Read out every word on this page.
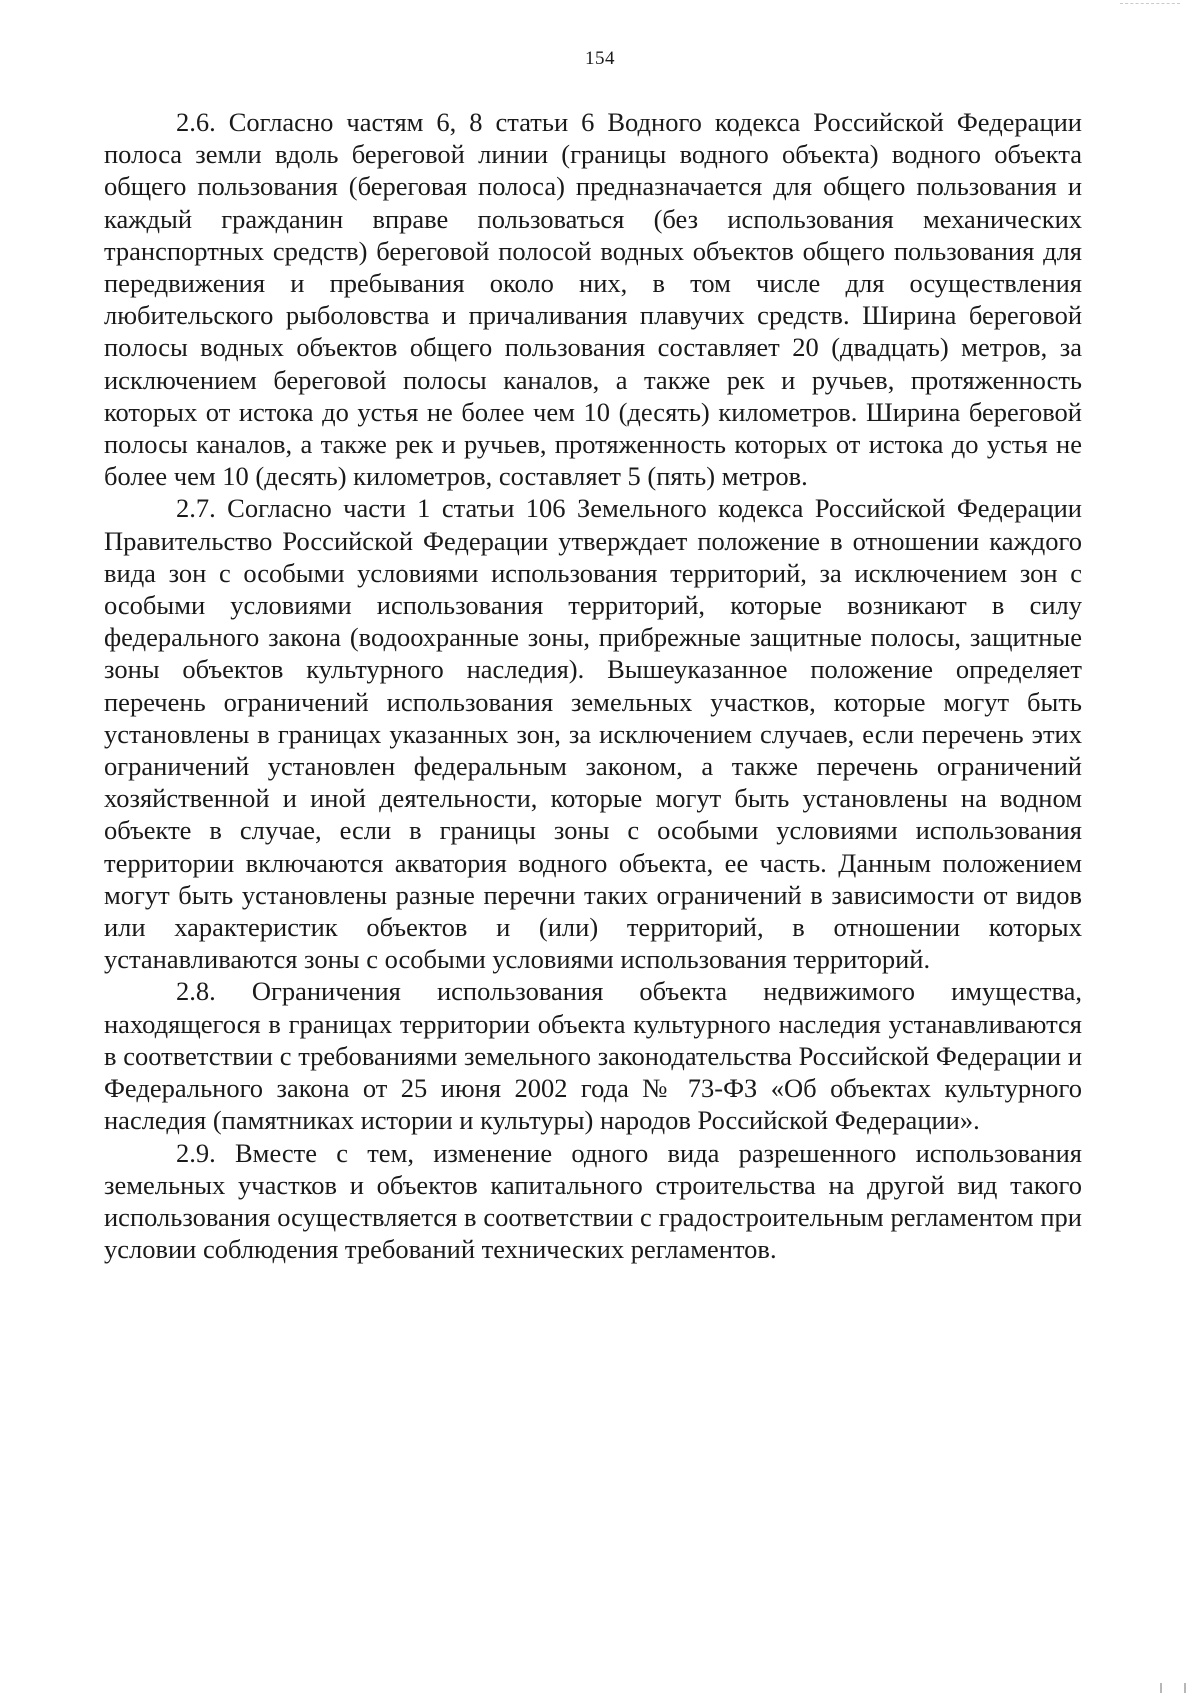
154

2.6. Согласно частям 6, 8 статьи 6 Водного кодекса Российской Федерации полоса земли вдоль береговой линии (границы водного объекта) водного объекта общего пользования (береговая полоса) предназначается для общего пользования и каждый гражданин вправе пользоваться (без использования механических транспортных средств) береговой полосой водных объектов общего пользования для передвижения и пребывания около них, в том числе для осуществления любительского рыболовства и причаливания плавучих средств. Ширина береговой полосы водных объектов общего пользования составляет 20 (двадцать) метров, за исключением береговой полосы каналов, а также рек и ручьев, протяженность которых от истока до устья не более чем 10 (десять) километров. Ширина береговой полосы каналов, а также рек и ручьев, протяженность которых от истока до устья не более чем 10 (десять) километров, составляет 5 (пять) метров.

2.7. Согласно части 1 статьи 106 Земельного кодекса Российской Федерации Правительство Российской Федерации утверждает положение в отношении каждого вида зон с особыми условиями использования территорий, за исключением зон с особыми условиями использования территорий, которые возникают в силу федерального закона (водоохранные зоны, прибрежные защитные полосы, защитные зоны объектов культурного наследия). Вышеуказанное положение определяет перечень ограничений использования земельных участков, которые могут быть установлены в границах указанных зон, за исключением случаев, если перечень этих ограничений установлен федеральным законом, а также перечень ограничений хозяйственной и иной деятельности, которые могут быть установлены на водном объекте в случае, если в границы зоны с особыми условиями использования территории включаются акватория водного объекта, ее часть. Данным положением могут быть установлены разные перечни таких ограничений в зависимости от видов или характеристик объектов и (или) территорий, в отношении которых устанавливаются зоны с особыми условиями использования территорий.

2.8. Ограничения использования объекта недвижимого имущества, находящегося в границах территории объекта культурного наследия устанавливаются в соответствии с требованиями земельного законодательства Российской Федерации и Федерального закона от 25 июня 2002 года № 73-ФЗ «Об объектах культурного наследия (памятниках истории и культуры) народов Российской Федерации».

2.9. Вместе с тем, изменение одного вида разрешенного использования земельных участков и объектов капитального строительства на другой вид такого использования осуществляется в соответствии с градостроительным регламентом при условии соблюдения требований технических регламентов.
